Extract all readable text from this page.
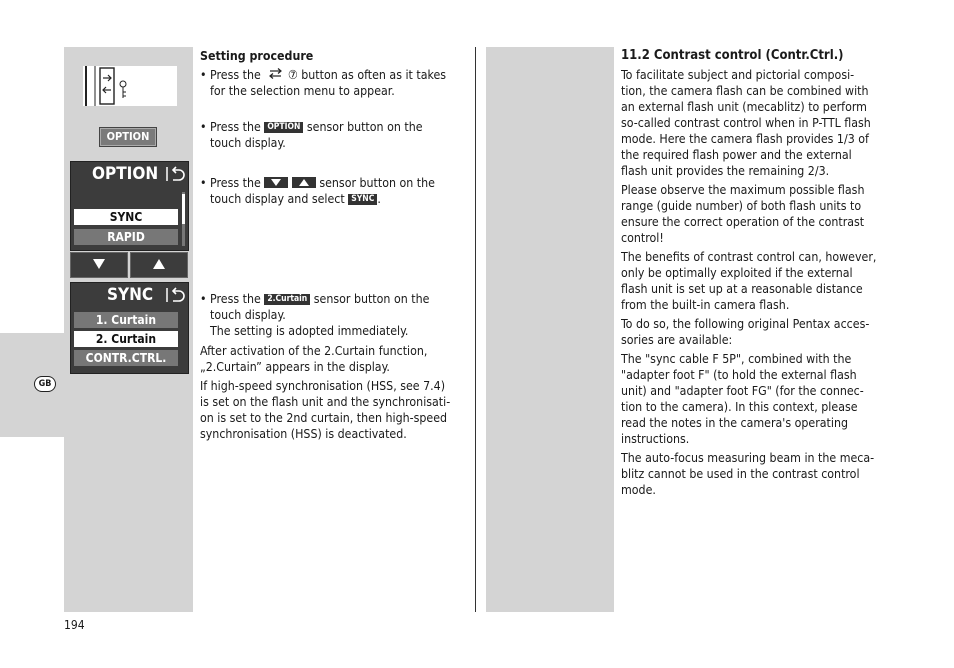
GB
194
OPTION
OPTION
SYNC
RAPID
SYNC
1. Curtain
2. Curtain
CONTR.CTRL.
Setting procedure
• Press the ⑦ button as often as it takes
for the selection menu to appear.
• Press the OPTION sensor button on the
touch display.
• Press the
	sensor button on the
touch display and select SYNC .
• Press the 2.Curtain sensor button on the
touch display.
The setting is adopted immediately.
After activation of the 2.Curtain function,
„2.Curtain” appears in the display.
If high-speed synchronisation (HSS, see 7.4)
is set on the flash unit and the synchronisati-
on is set to the 2nd curtain, then high-speed
synchronisation (HSS) is deactivated.
11.2 Contrast control (Contr.Ctrl.)
To facilitate subject and pictorial composi-
tion, the camera flash can be combined with
an external flash unit (mecablitz) to perform
so-called contrast control when in P-TTL flash
mode. Here the camera flash provides 1/3 of
the required flash power and the external
flash unit provides the remaining 2/3.
Please observe the maximum possible flash
range (guide number) of both flash units to
ensure the correct operation of the contrast
control!
The benefits of contrast control can, however,
only be optimally exploited if the external
flash unit is set up at a reasonable distance
from the built-in camera flash.
To do so, the following original Pentax acces-
sories are available:
The "sync cable F 5P", combined with the
"adapter foot F" (to hold the external flash
unit) and "adapter foot FG" (for the connec-
tion to the camera). In this context, please
read the notes in the camera's operating
instructions.
The auto-focus measuring beam in the meca-
blitz cannot be used in the contrast control
mode.
